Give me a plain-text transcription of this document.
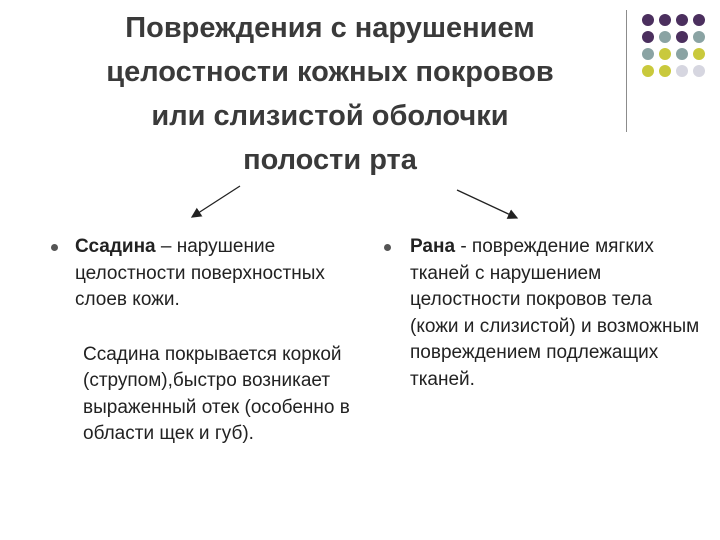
Повреждения с нарушением
целостности кожных покровов
или слизистой оболочки
полости рта

Ссадина – нарушение целостности поверхностных слоев кожи.

Ссадина покрывается коркой (струпом),быстро возникает выраженный отек (особенно в области щек и губ).

Рана - повреждение мягких тканей с нарушением целостности покровов тела (кожи и слизистой) и возможным повреждением подлежащих тканей.
